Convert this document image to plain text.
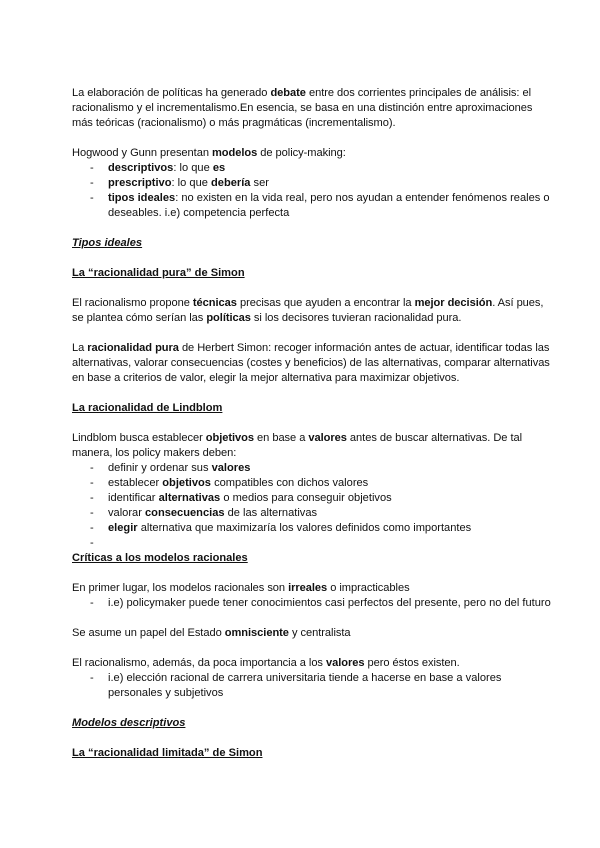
La elaboración de políticas ha generado debate entre dos corrientes principales de análisis: el racionalismo y el incrementalismo.En esencia, se basa en una distinción entre aproximaciones más teóricas (racionalismo) o más pragmáticas (incrementalismo).

Hogwood y Gunn presentan modelos de policy-making:

- descriptivos: lo que es
- prescriptivo: lo que debería ser
- tipos ideales: no existen en la vida real, pero nos ayudan a entender fenómenos reales o deseables. i.e) competencia perfecta
Tipos ideales
La “racionalidad pura” de Simon

El racionalismo propone técnicas precisas que ayuden a encontrar la mejor decisión. Así pues, se plantea cómo serían las políticas si los decisores tuvieran racionalidad pura.

La racionalidad pura de Herbert Simon: recoger información antes de actuar, identificar todas las alternativas, valorar consecuencias (costes y beneficios) de las alternativas, comparar alternativas en base a criterios de valor, elegir la mejor alternativa para maximizar objetivos.

La racionalidad de Lindblom

Lindblom busca establecer objetivos en base a valores antes de buscar alternativas. De tal manera, los policy makers deben:

- definir y ordenar sus valores
- establecer objetivos compatibles con dichos valores
- identificar alternativas o medios para conseguir objetivos
- valorar consecuencias de las alternativas
- elegir alternativa que maximizaría los valores definidos como importantes
-
Críticas a los modelos racionales

En primer lugar, los modelos racionales son irreales o impracticables

- i.e) policymaker puede tener conocimientos casi perfectos del presente, pero no del futuro

Se asume un papel del Estado omnisciente y centralista

El racionalismo, además, da poca importancia a los valores pero éstos existen.

- i.e) elección racional de carrera universitaria tiende a hacerse en base a valores personales y subjetivos
Modelos descriptivos
La “racionalidad limitada” de Simon
